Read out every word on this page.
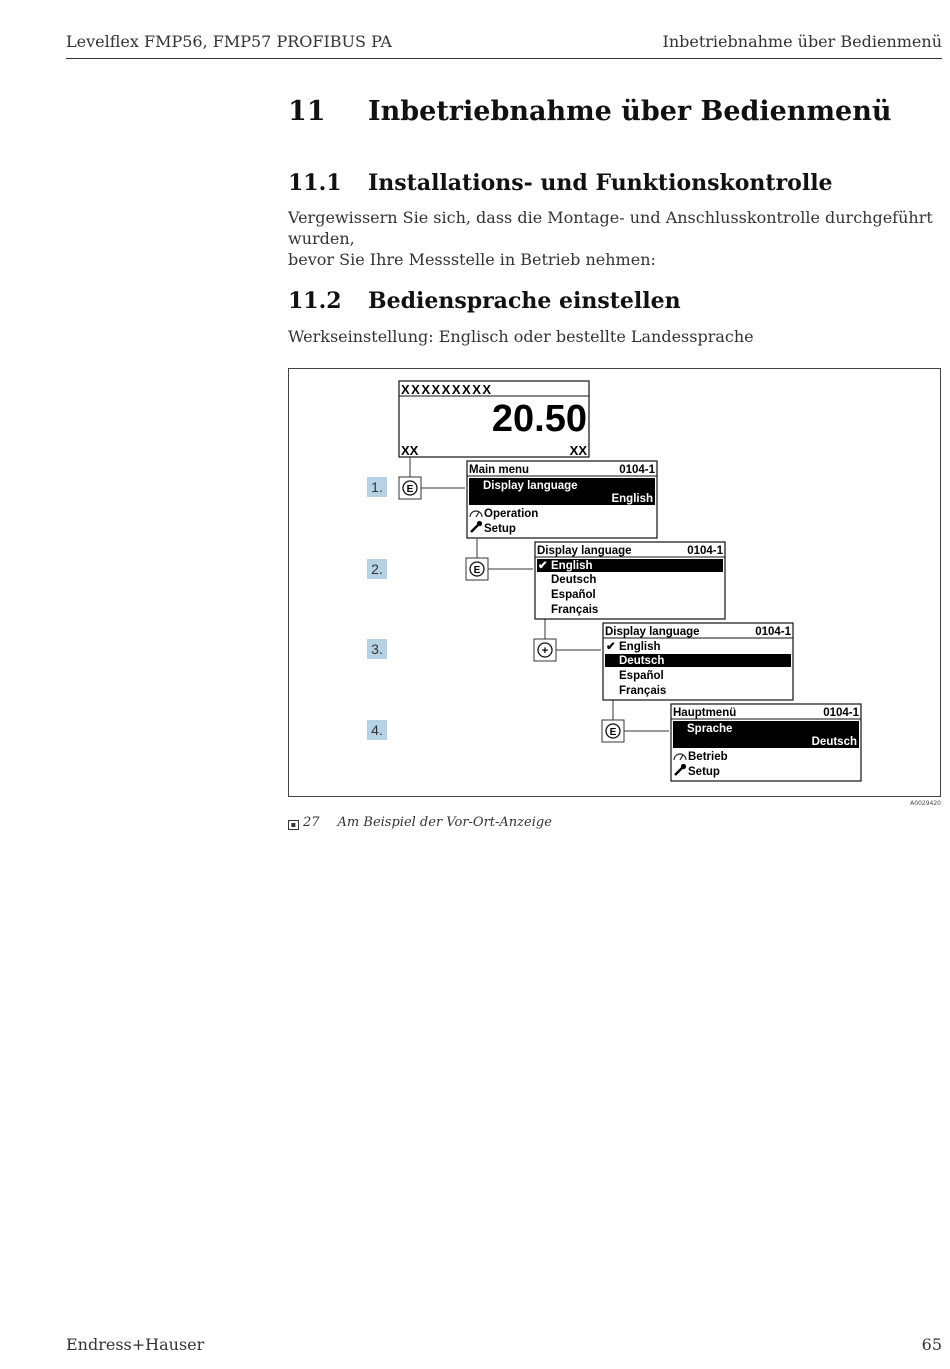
Levelflex FMP56, FMP57 PROFIBUS PA	Inbetriebnahme über Bedienmenü
11 Inbetriebnahme über Bedienmenü
11.1 Installations- und Funktionskontrolle
Vergewissern Sie sich, dass die Montage- und Anschlusskontrolle durchgeführt wurden,
bevor Sie Ihre Messstelle in Betrieb nehmen:
11.2 Bediensprache einstellen
Werkseinstellung: Englisch oder bestellte Landessprache
1.
2.
3.
4.
XXXXXXXXX
20.50
XX	XX
E
E
+
E
Main menu	0104-1
Display language
English
Operation
Setup
Display language	0104-1
✔ English
Deutsch
Español
Français
Display language	0104-1
✔ English
Deutsch
Español
Français
Hauptmenü	0104-1
Sprache
Deutsch
Betrieb
Setup
A0029420
▪ 27 Am Beispiel der Vor-Ort-Anzeige
Endress+Hauser	65
